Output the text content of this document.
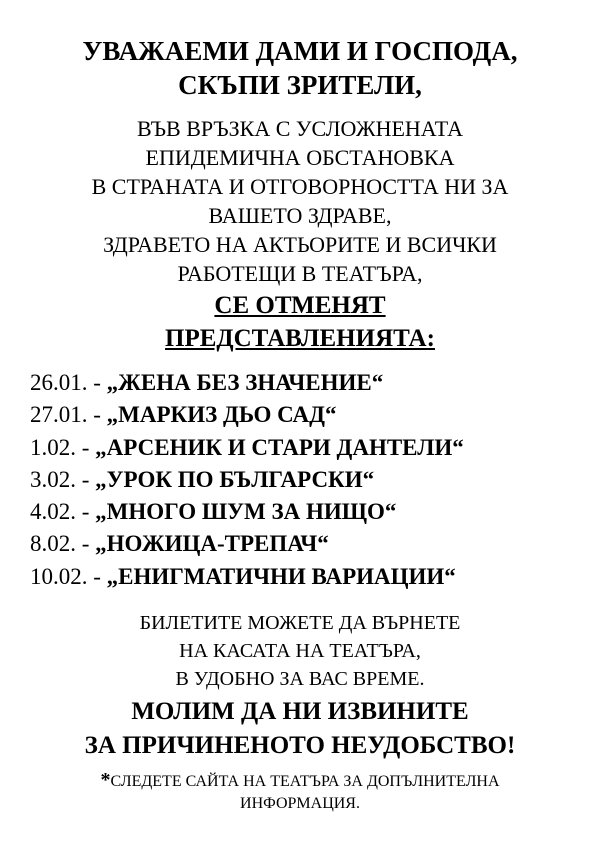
УВАЖАЕМИ ДАМИ И ГОСПОДА,
СКЪПИ ЗРИТЕЛИ,
ВЪВ ВРЪЗКА С УСЛОЖНЕНАТА
ЕПИДЕМИЧНА ОБСТАНОВКА
В СТРАНАТА И ОТГОВОРНОСТТА НИ ЗА
ВАШЕТО ЗДРАВЕ,
ЗДРАВЕТО НА АКТЬОРИТЕ И ВСИЧКИ
РАБОТЕЩИ В ТЕАТЪРА,
СЕ ОТМЕНЯТ
ПРЕДСТАВЛЕНИЯТА:
26.01. - „ЖЕНА БЕЗ ЗНАЧЕНИЕ“
27.01. - „МАРКИЗ ДЬО САД“
1.02. - „АРСЕНИК И СТАРИ ДАНТЕЛИ“
3.02. - „УРОК ПО БЪЛГАРСКИ“
4.02. - „МНОГО ШУМ ЗА НИЩО“
8.02. - „НОЖИЦА-ТРЕПАЧ“
10.02. - „ЕНИГМАТИЧНИ ВАРИАЦИИ“
БИЛЕТИТЕ МОЖЕТЕ ДА ВЪРНЕТЕ
НА КАСАТА НА ТЕАТЪРА,
В УДОБНО ЗА ВАС ВРЕМЕ.
МОЛИМ ДА НИ ИЗВИНИТЕ
ЗА ПРИЧИНЕНОТО НЕУДОБСТВО!
*СЛЕДЕТЕ САЙТА НА ТЕАТЪРА ЗА ДОПЪЛНИТЕЛНА
ИНФОРМАЦИЯ.
